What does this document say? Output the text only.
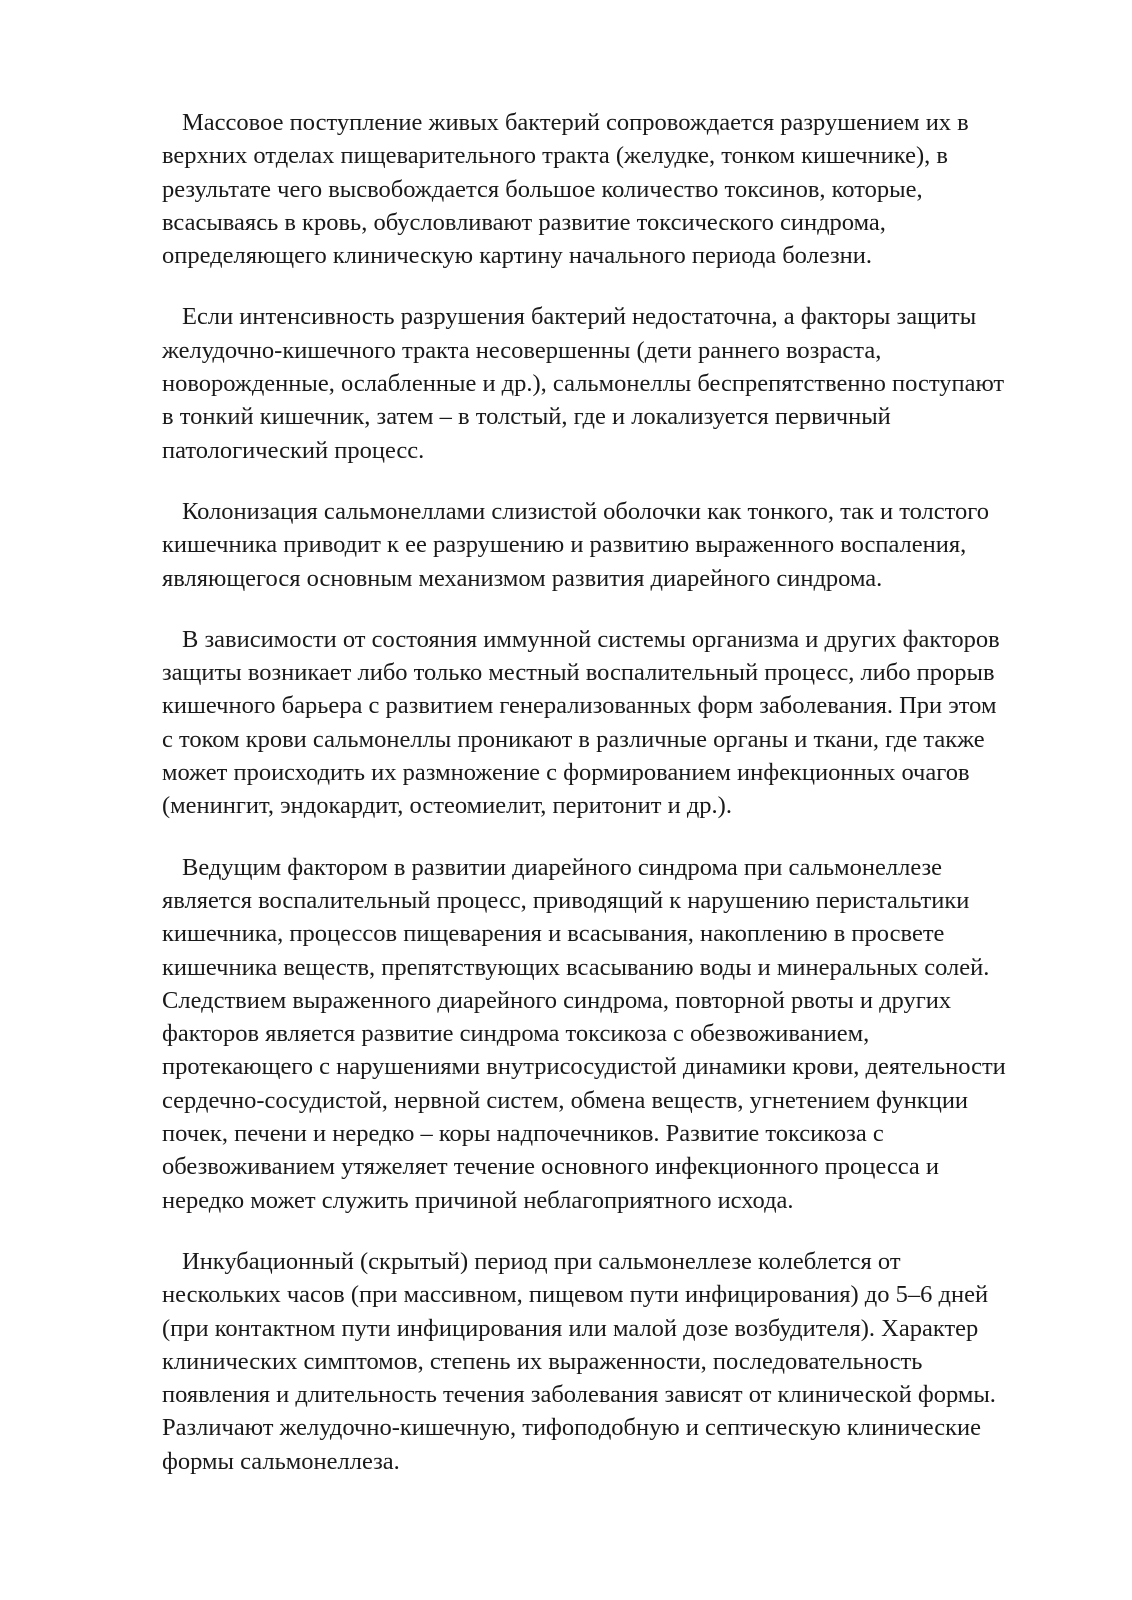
Массовое поступление живых бактерий сопровождается разрушением их в
верхних отделах пищеварительного тракта (желудке, тонком кишечнике), в
результате чего высвобождается большое количество токсинов, которые,
всасываясь в кровь, обусловливают развитие токсического синдрома,
определяющего клиническую картину начального периода болезни.
Если интенсивность разрушения бактерий недостаточна, а факторы защиты
желудочно-кишечного тракта несовершенны (дети раннего возраста,
новорожденные, ослабленные и др.), сальмонеллы беспрепятственно поступают
в тонкий кишечник, затем – в толстый, где и локализуется первичный
патологический процесс.
Колонизация сальмонеллами слизистой оболочки как тонкого, так и толстого
кишечника приводит к ее разрушению и развитию выраженного воспаления,
являющегося основным механизмом развития диарейного синдрома.
В зависимости от состояния иммунной системы организма и других факторов
защиты возникает либо только местный воспалительный процесс, либо прорыв
кишечного барьера с развитием генерализованных форм заболевания. При этом
с током крови сальмонеллы проникают в различные органы и ткани, где также
может происходить их размножение с формированием инфекционных очагов
(менингит, эндокардит, остеомиелит, перитонит и др.).
Ведущим фактором в развитии диарейного синдрома при сальмонеллезе
является воспалительный процесс, приводящий к нарушению перистальтики
кишечника, процессов пищеварения и всасывания, накоплению в просвете
кишечника веществ, препятствующих всасыванию воды и минеральных солей.
Следствием выраженного диарейного синдрома, повторной рвоты и других
факторов является развитие синдрома токсикоза с обезвоживанием,
протекающего с нарушениями внутрисосудистой динамики крови, деятельности
сердечно-сосудистой, нервной систем, обмена веществ, угнетением функции
почек, печени и нередко – коры надпочечников. Развитие токсикоза с
обезвоживанием утяжеляет течение основного инфекционного процесса и
нередко может служить причиной неблагоприятного исхода.
Инкубационный (скрытый) период при сальмонеллезе колеблется от
нескольких часов (при массивном, пищевом пути инфицирования) до 5–6 дней
(при контактном пути инфицирования или малой дозе возбудителя). Характер
клинических симптомов, степень их выраженности, последовательность
появления и длительность течения заболевания зависят от клинической формы.
Различают желудочно-кишечную, тифоподобную и септическую клинические
формы сальмонеллеза.
